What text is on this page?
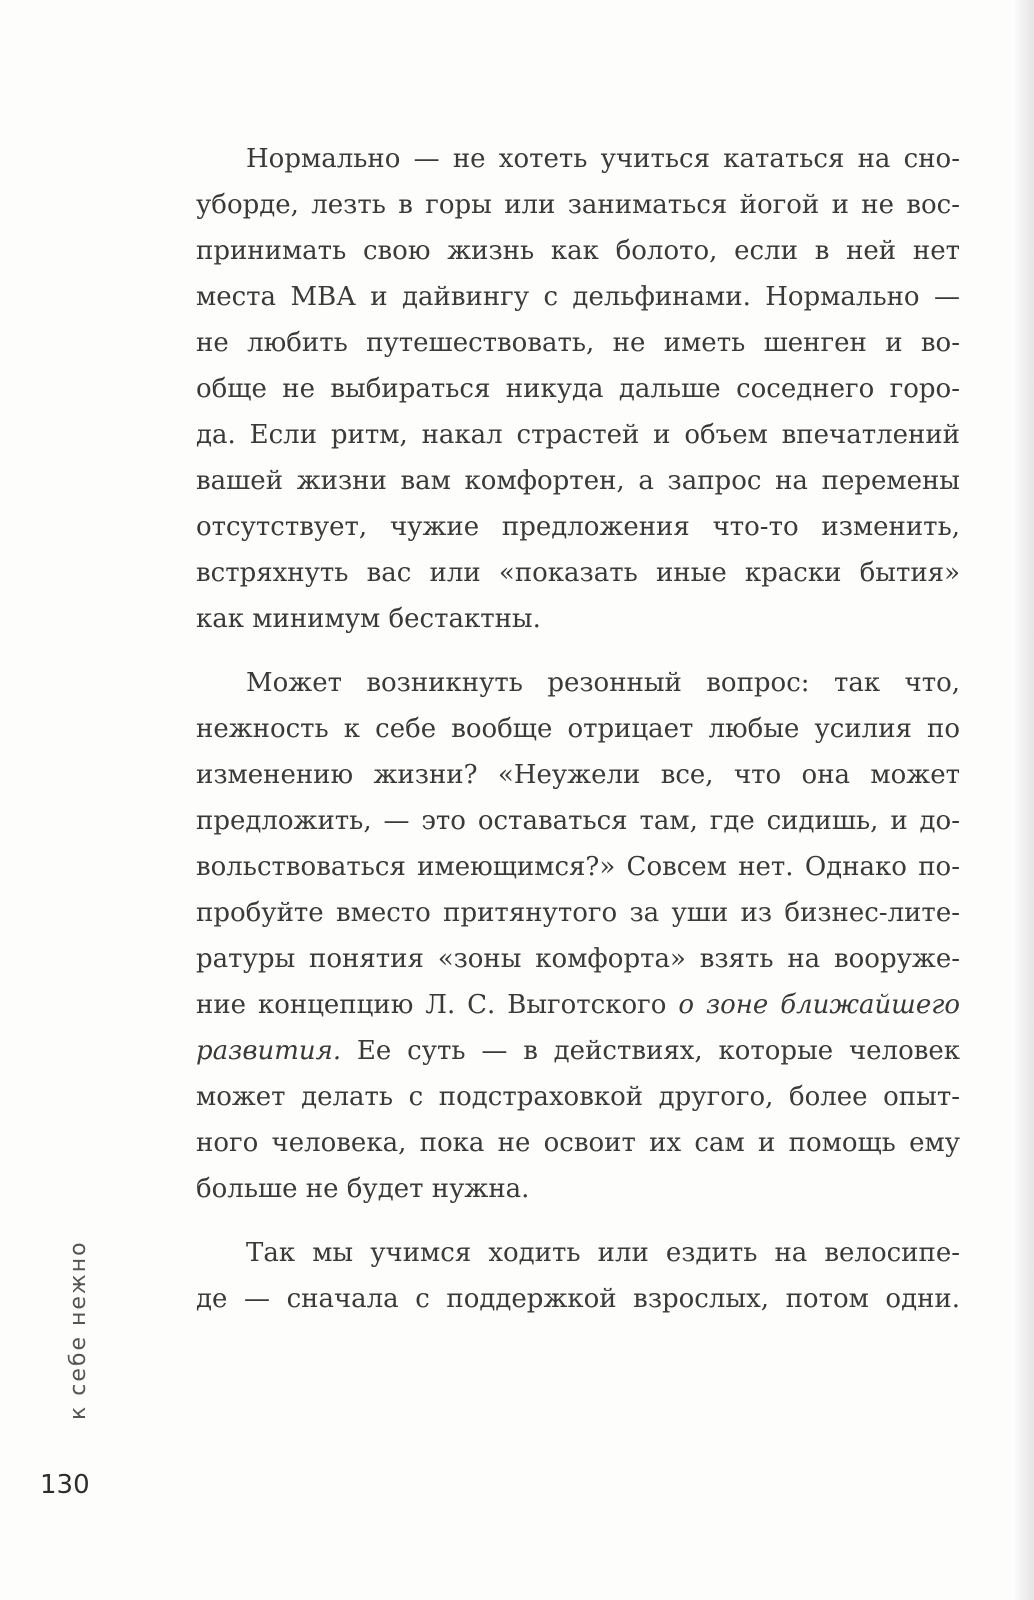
Нормально — не хотеть учиться кататься на сно-
уборде, лезть в горы или заниматься йогой и не вос-
принимать свою жизнь как болото, если в ней нет
места МВА и дайвингу с дельфинами. Нормально —
не любить путешествовать, не иметь шенген и во-
обще не выбираться никуда дальше соседнего горо-
да. Если ритм, накал страстей и объем впечатлений
вашей жизни вам комфортен, а запрос на перемены
отсутствует, чужие предложения что-то изменить,
встряхнуть вас или «показать иные краски бытия»
как минимум бестактны.
Может возникнуть резонный вопрос: так что,
нежность к себе вообще отрицает любые усилия по
изменению жизни? «Неужели все, что она может
предложить, — это оставаться там, где сидишь, и до-
вольствоваться имеющимся?» Совсем нет. Однако по-
пробуйте вместо притянутого за уши из бизнес-лите-
ратуры понятия «зоны комфорта» взять на вооруже-
ние концепцию Л. С. Выготского о зоне ближайшего
развития. Ее суть — в действиях, которые человек
может делать с подстраховкой другого, более опыт-
ного человека, пока не освоит их сам и помощь ему
больше не будет нужна.
Так мы учимся ходить или ездить на велосипе-
де — сначала с поддержкой взрослых, потом одни.
к себе нежно
130
